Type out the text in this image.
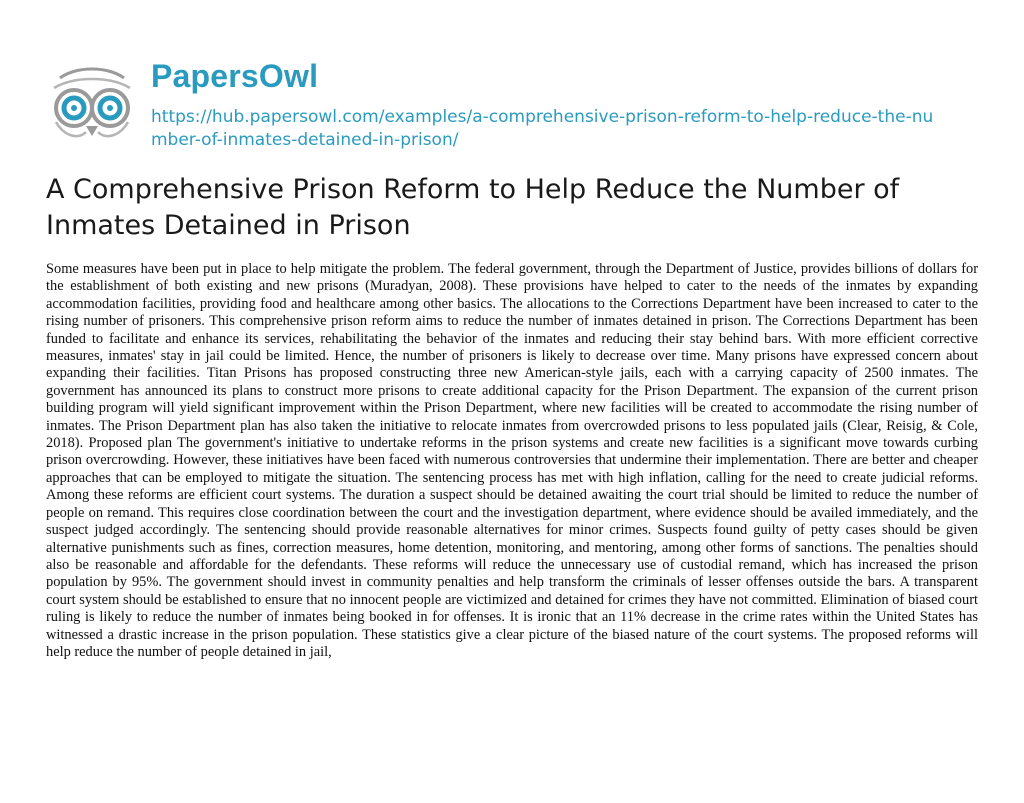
PapersOwl
https://hub.papersowl.com/examples/a-comprehensive-prison-reform-to-help-reduce-the-number-of-inmates-detained-in-prison/
A Comprehensive Prison Reform to Help Reduce the Number of Inmates Detained in Prison

Some measures have been put in place to help mitigate the problem. The federal government, through the Department of Justice, provides billions of dollars for the establishment of both existing and new prisons (Muradyan, 2008). These provisions have helped to cater to the needs of the inmates by expanding accommodation facilities, providing food and healthcare among other basics. The allocations to the Corrections Department have been increased to cater to the rising number of prisoners. This comprehensive prison reform aims to reduce the number of inmates detained in prison. The Corrections Department has been funded to facilitate and enhance its services, rehabilitating the behavior of the inmates and reducing their stay behind bars. With more efficient corrective measures, inmates' stay in jail could be limited. Hence, the number of prisoners is likely to decrease over time. Many prisons have expressed concern about expanding their facilities. Titan Prisons has proposed constructing three new American-style jails, each with a carrying capacity of 2500 inmates. The government has announced its plans to construct more prisons to create additional capacity for the Prison Department. The expansion of the current prison building program will yield significant improvement within the Prison Department, where new facilities will be created to accommodate the rising number of inmates. The Prison Department plan has also taken the initiative to relocate inmates from overcrowded prisons to less populated jails (Clear, Reisig, & Cole, 2018). Proposed plan The government's initiative to undertake reforms in the prison systems and create new facilities is a significant move towards curbing prison overcrowding. However, these initiatives have been faced with numerous controversies that undermine their implementation. There are better and cheaper approaches that can be employed to mitigate the situation. The sentencing process has met with high inflation, calling for the need to create judicial reforms. Among these reforms are efficient court systems. The duration a suspect should be detained awaiting the court trial should be limited to reduce the number of people on remand. This requires close coordination between the court and the investigation department, where evidence should be availed immediately, and the suspect judged accordingly. The sentencing should provide reasonable alternatives for minor crimes. Suspects found guilty of petty cases should be given alternative punishments such as fines, correction measures, home detention, monitoring, and mentoring, among other forms of sanctions. The penalties should also be reasonable and affordable for the defendants. These reforms will reduce the unnecessary use of custodial remand, which has increased the prison population by 95%. The government should invest in community penalties and help transform the criminals of lesser offenses outside the bars. A transparent court system should be established to ensure that no innocent people are victimized and detained for crimes they have not committed. Elimination of biased court ruling is likely to reduce the number of inmates being booked in for offenses. It is ironic that an 11% decrease in the crime rates within the United States has witnessed a drastic increase in the prison population. These statistics give a clear picture of the biased nature of the court systems. The proposed reforms will help reduce the number of people detained in jail,
